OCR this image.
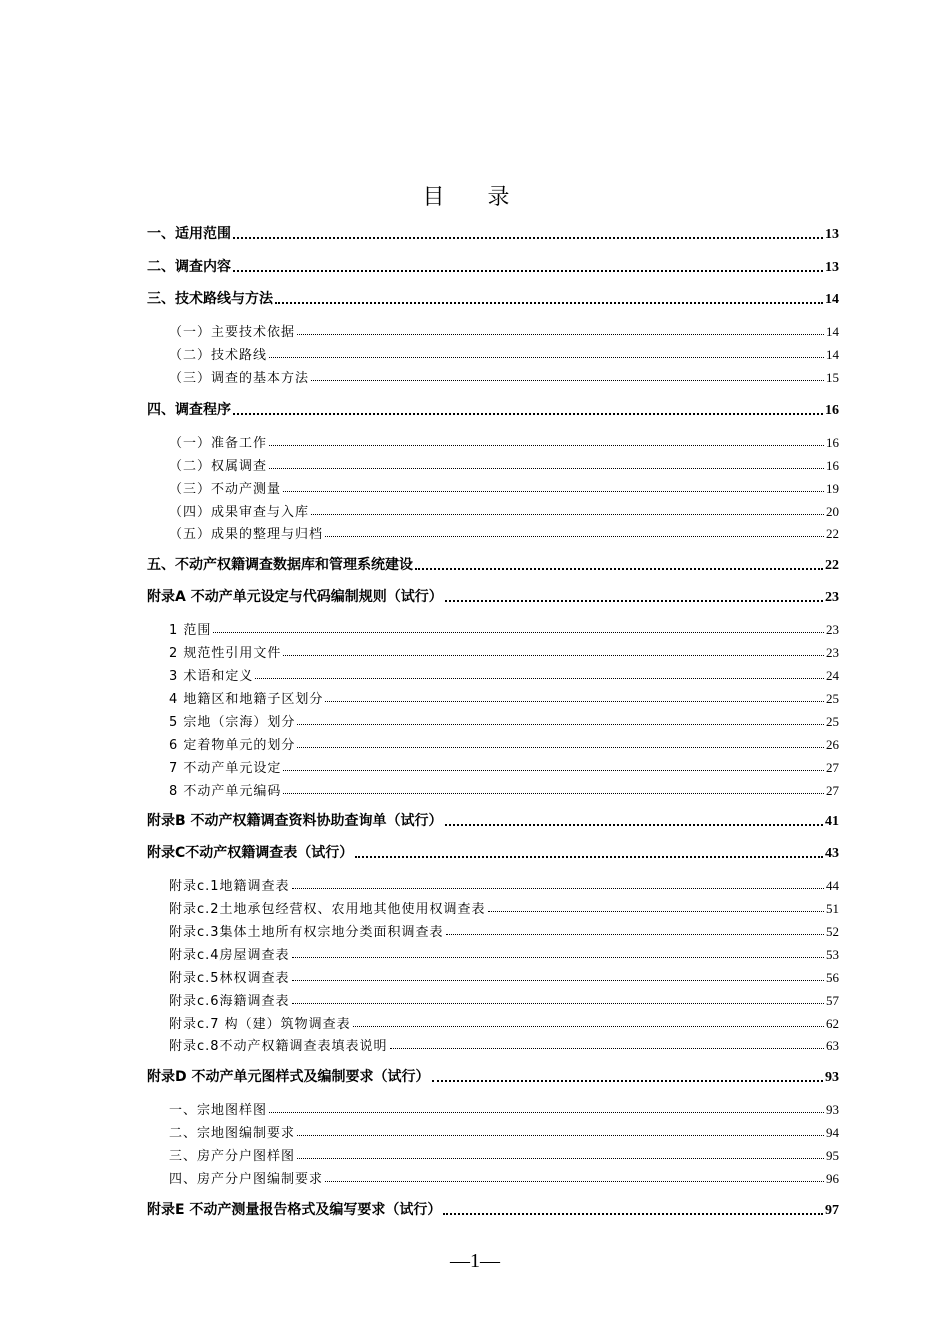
目 录
一、适用范围	13
二、调查内容	13
三、技术路线与方法	14
（一）主要技术依据	14
（二）技术路线	14
（三）调查的基本方法	15
四、调查程序	16
（一）准备工作	16
（二）权属调查	16
（三）不动产测量	19
（四）成果审查与入库	20
（五）成果的整理与归档	22
五、不动产权籍调查数据库和管理系统建设	22
附录A 不动产单元设定与代码编制规则（试行）	23
1 范围	23
2 规范性引用文件	23
3 术语和定义	24
4 地籍区和地籍子区划分	25
5 宗地（宗海）划分	25
6 定着物单元的划分	26
7 不动产单元设定	27
8 不动产单元编码	27
附录B 不动产权籍调查资料协助查询单（试行）	41
附录C不动产权籍调查表（试行）	43
附录c.1地籍调查表	44
附录c.2土地承包经营权、农用地其他使用权调查表	51
附录c.3集体土地所有权宗地分类面积调查表	52
附录c.4房屋调查表	53
附录c.5林权调查表	56
附录c.6海籍调查表	57
附录c.7 构（建）筑物调查表	62
附录c.8不动产权籍调查表填表说明	63
附录D 不动产单元图样式及编制要求（试行）	93
一、宗地图样图	93
二、宗地图编制要求	94
三、房产分户图样图	95
四、房产分户图编制要求	96
附录E 不动产测量报告格式及编写要求（试行）	97
—1—
